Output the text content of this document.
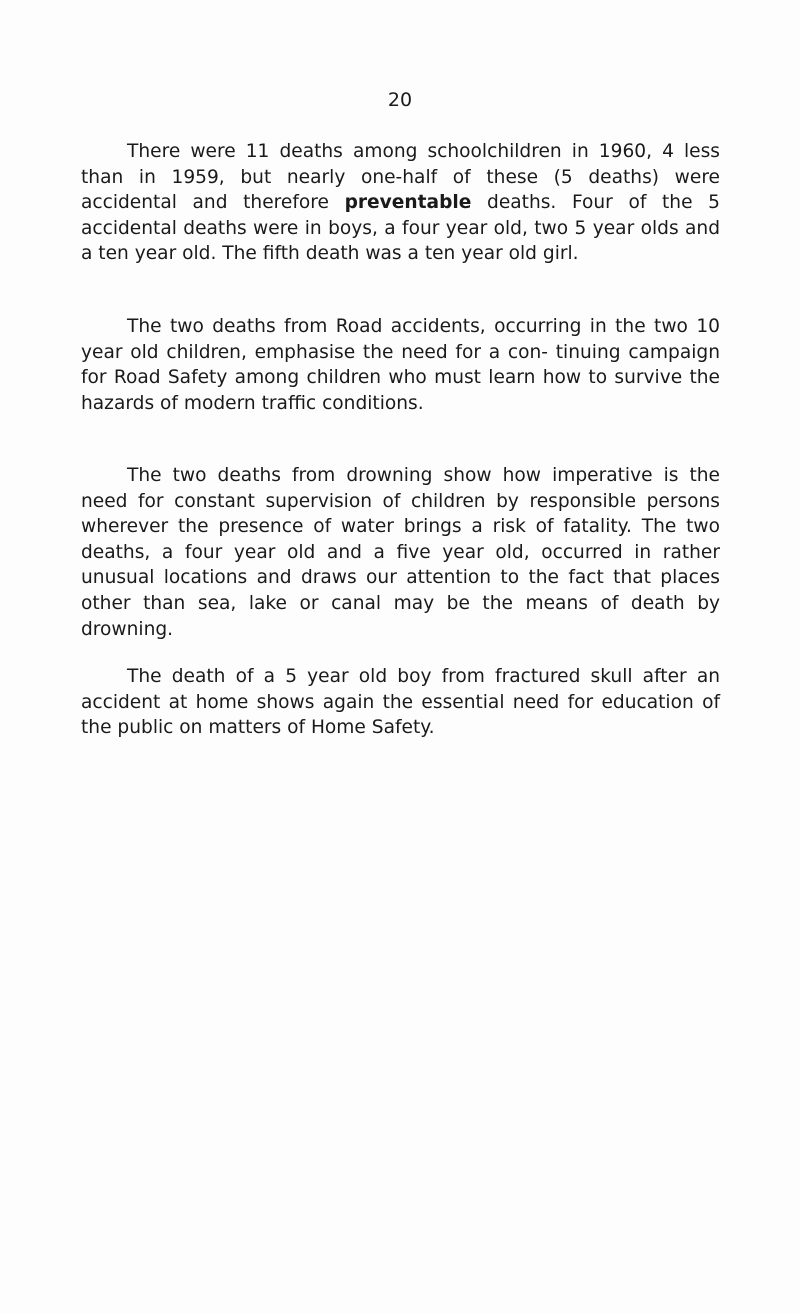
20

There were 11 deaths among schoolchildren in 1960, 4 less than in 1959, but nearly one-half of these (5 deaths) were accidental and therefore preventable deaths. Four of the 5 accidental deaths were in boys, a four year old, two 5 year olds and a ten year old. The fifth death was a ten year old girl.

The two deaths from Road accidents, occurring in the two 10 year old children, emphasise the need for a con- tinuing campaign for Road Safety among children who must learn how to survive the hazards of modern traffic conditions.

The two deaths from drowning show how imperative is the need for constant supervision of children by responsible persons wherever the presence of water brings a risk of fatality. The two deaths, a four year old and a five year old, occurred in rather unusual locations and draws our attention to the fact that places other than sea, lake or canal may be the means of death by drowning.

The death of a 5 year old boy from fractured skull after an accident at home shows again the essential need for education of the public on matters of Home Safety.
